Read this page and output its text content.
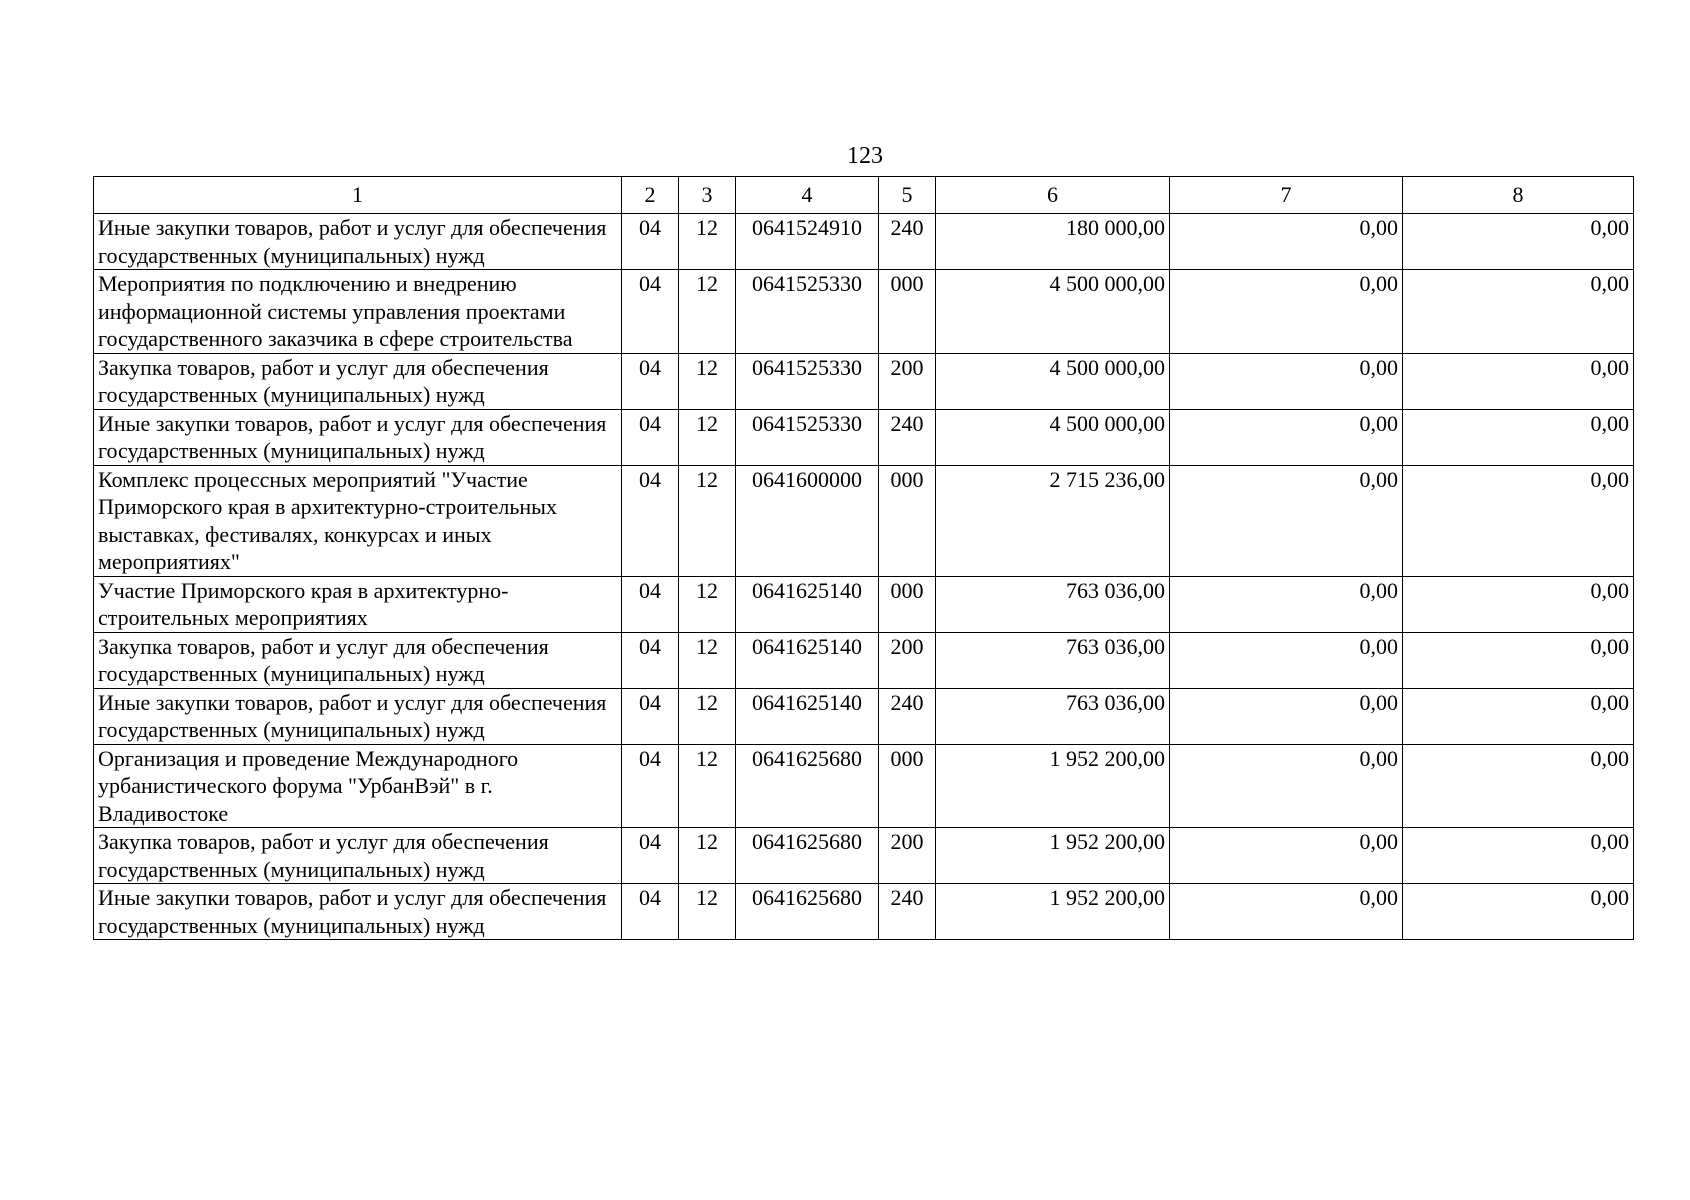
123
1	2	3	4	5	6	7	8
Иные закупки товаров, работ и услуг для обеспечения государственных (муниципальных) нужд	04	12	0641524910	240	180 000,00	0,00	0,00
Мероприятия по подключению и внедрению информационной системы управления проектами государственного заказчика в сфере строительства	04	12	0641525330	000	4 500 000,00	0,00	0,00
Закупка товаров, работ и услуг для обеспечения государственных (муниципальных) нужд	04	12	0641525330	200	4 500 000,00	0,00	0,00
Иные закупки товаров, работ и услуг для обеспечения государственных (муниципальных) нужд	04	12	0641525330	240	4 500 000,00	0,00	0,00
Комплекс процессных мероприятий "Участие Приморского края в архитектурно-строительных выставках, фестивалях, конкурсах и иных мероприятиях"	04	12	0641600000	000	2 715 236,00	0,00	0,00
Участие Приморского края в архитектурно-строительных мероприятиях	04	12	0641625140	000	763 036,00	0,00	0,00
Закупка товаров, работ и услуг для обеспечения государственных (муниципальных) нужд	04	12	0641625140	200	763 036,00	0,00	0,00
Иные закупки товаров, работ и услуг для обеспечения государственных (муниципальных) нужд	04	12	0641625140	240	763 036,00	0,00	0,00
Организация и проведение Международного урбанистического форума "УрбанВэй" в г. Владивостоке	04	12	0641625680	000	1 952 200,00	0,00	0,00
Закупка товаров, работ и услуг для обеспечения государственных (муниципальных) нужд	04	12	0641625680	200	1 952 200,00	0,00	0,00
Иные закупки товаров, работ и услуг для обеспечения государственных (муниципальных) нужд	04	12	0641625680	240	1 952 200,00	0,00	0,00
